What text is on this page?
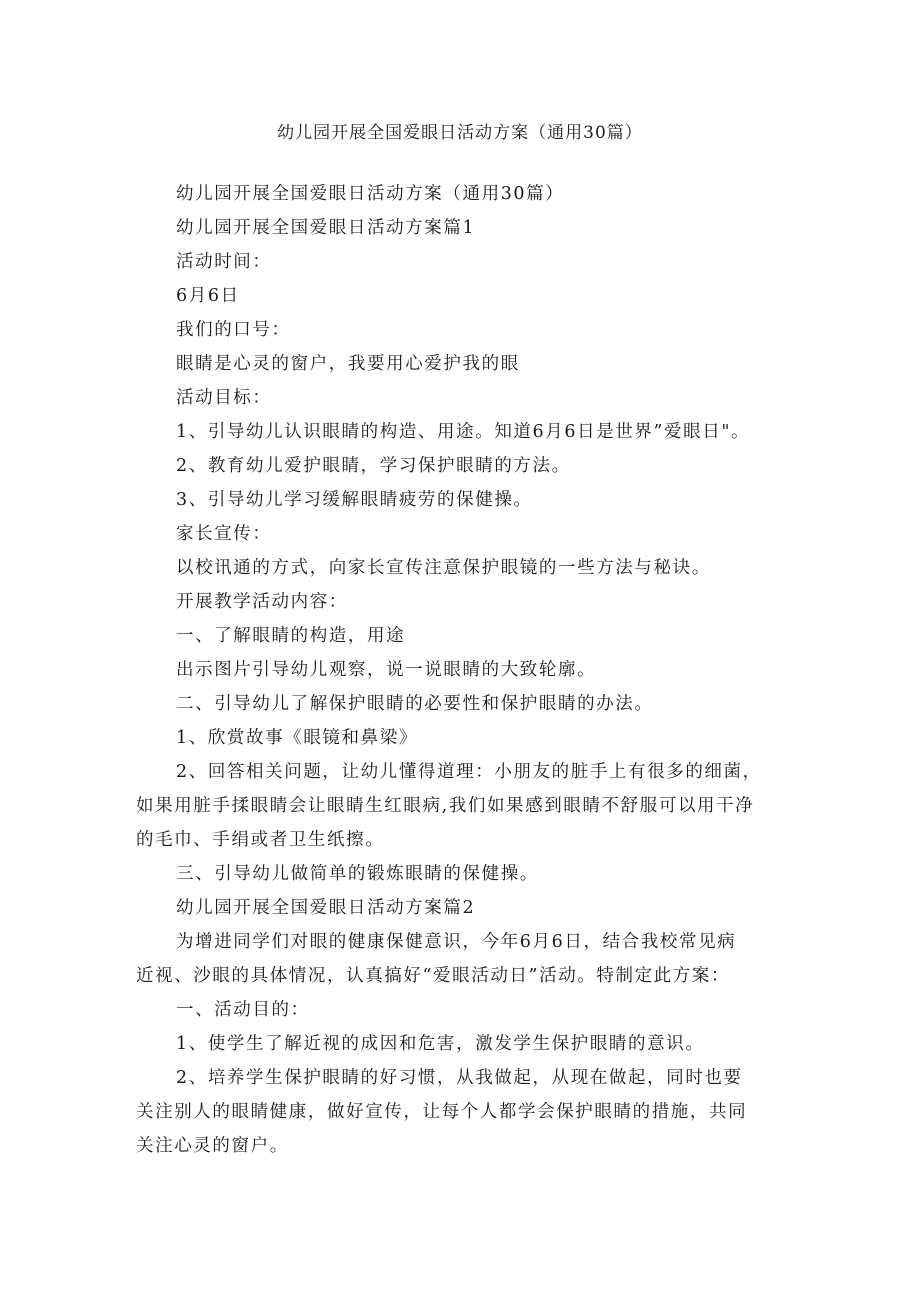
幼儿园开展全国爱眼日活动方案（通用30篇）
幼儿园开展全国爱眼日活动方案（通用30篇）
幼儿园开展全国爱眼日活动方案篇1
活动时间：
6月6日
我们的口号：
眼睛是心灵的窗户，我要用心爱护我的眼
活动目标：
1、引导幼儿认识眼睛的构造、用途。知道6月6日是世界”爱眼日"。
2、教育幼儿爱护眼睛，学习保护眼睛的方法。
3、引导幼儿学习缓解眼睛疲劳的保健操。
家长宣传：
以校讯通的方式，向家长宣传注意保护眼镜的一些方法与秘诀。
开展教学活动内容：
一、了解眼睛的构造，用途
出示图片引导幼儿观察，说一说眼睛的大致轮廓。
二、引导幼儿了解保护眼睛的必要性和保护眼睛的办法。
1、欣赏故事《眼镜和鼻梁》
2、回答相关问题，让幼儿懂得道理：小朋友的脏手上有很多的细菌，
如果用脏手揉眼睛会让眼睛生红眼病,我们如果感到眼睛不舒服可以用干净
的毛巾、手绢或者卫生纸擦。
三、引导幼儿做简单的锻炼眼睛的保健操。
幼儿园开展全国爱眼日活动方案篇2
为增进同学们对眼的健康保健意识，今年6月6日，结合我校常见病
近视、沙眼的具体情况，认真搞好“爱眼活动日”活动。特制定此方案：
一、活动目的：
1、使学生了解近视的成因和危害，激发学生保护眼睛的意识。
2、培养学生保护眼睛的好习惯，从我做起，从现在做起，同时也要
关注别人的眼睛健康，做好宣传，让每个人都学会保护眼睛的措施，共同
关注心灵的窗户。
